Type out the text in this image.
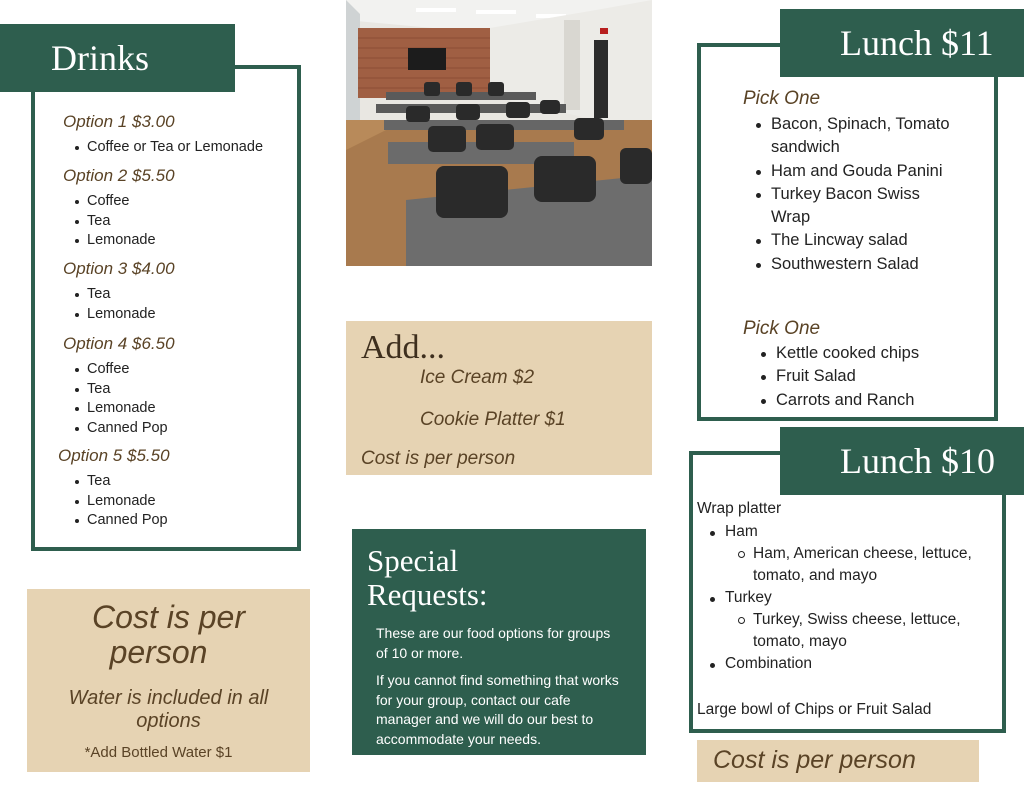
Drinks

Option 1 $3.00

Coffee or Tea or Lemonade

Option 2 $5.50

Coffee
Tea
Lemonade

Option 3 $4.00

Tea
Lemonade

Option 4 $6.50

Coffee
Tea
Lemonade
Canned Pop

Option 5 $5.50

Tea
Lemonade
Canned Pop
Cost is per
person
Water is included in all
options
*Add Bottled Water $1
Add...
Ice Cream $2
Cookie Platter $1
Cost is per person
Special
Requests:
These are our food options for groups of 10 or more.
If you cannot find something that works for your group, contact our cafe manager and we will do our best to accommodate your needs.
Lunch $11

Pick One

Bacon, Spinach, Tomato sandwich
Ham and Gouda Panini
Turkey Bacon Swiss Wrap
The Lincway salad
Southwestern Salad

Pick One

Kettle cooked chips
Fruit Salad
Carrots and Ranch
Lunch $10
Wrap platter
Ham
Ham, American cheese, lettuce, tomato, and mayo
Turkey
Turkey, Swiss cheese, lettuce, tomato, mayo
Combination
Large bowl of Chips or Fruit Salad
Cost is per person
